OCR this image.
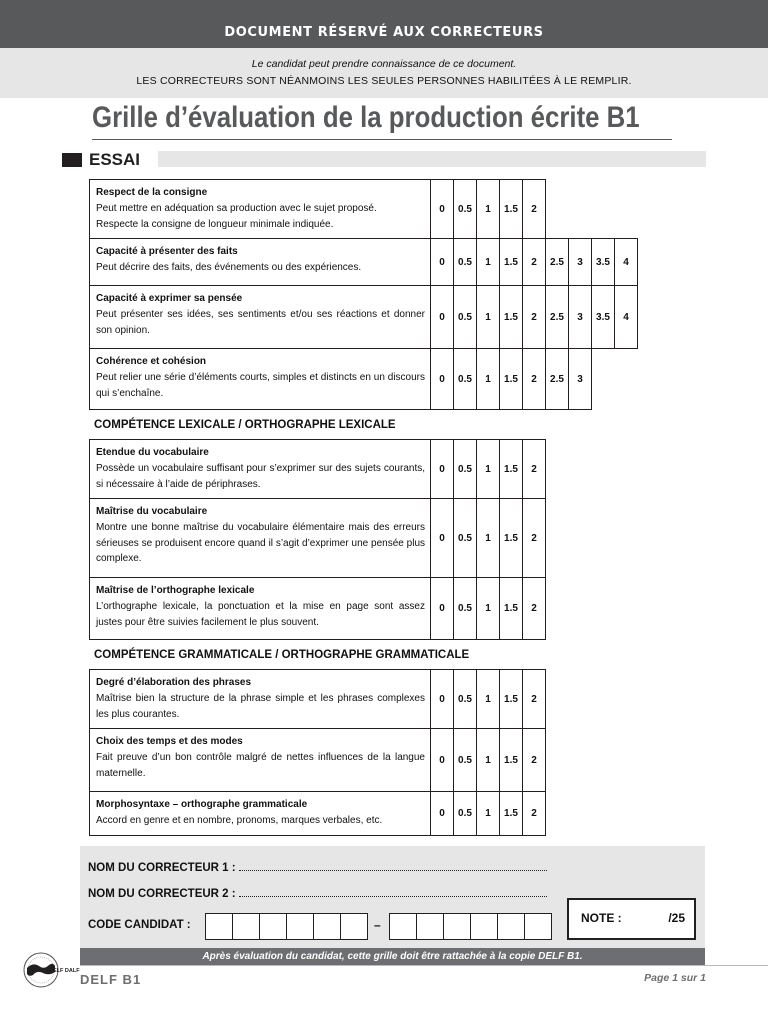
DOCUMENT RÉSERVÉ AUX CORRECTEURS
Le candidat peut prendre connaissance de ce document.
LES CORRECTEURS SONT NÉANMOINS LES SEULES PERSONNES HABILITÉES À LE REMPLIR.
Grille d’évaluation de la production écrite B1
ESSAI
Respect de la consigne
Peut mettre en adéquation sa production avec le sujet proposé.
Respecte la consigne de longueur minimale indiquée.
0	0.5	1	1.5	2
Capacité à présenter des faits
Peut décrire des faits, des événements ou des expériences.	0	0.5	1	1.5	2	2.5	3	3.5	4
Capacité à exprimer sa pensée
Peut présenter ses idées, ses sentiments et/ou ses réactions et donner son opinion.
0	0.5	1	1.5	2	2.5	3	3.5	4
Cohérence et cohésion
Peut relier une série d’éléments courts, simples et distincts en un discours qui s’enchaîne.
0	0.5	1	1.5	2	2.5	3
COMPÉTENCE LEXICALE / ORTHOGRAPHE LEXICALE
Etendue du vocabulaire
Possède un vocabulaire suffisant pour s’exprimer sur des sujets courants, si nécessaire à l’aide de périphrases.
0	0.5	1	1.5	2
Maîtrise du vocabulaire
Montre une bonne maîtrise du vocabulaire élémentaire mais des erreurs sérieuses se produisent encore quand il s’agit d’exprimer une pensée plus complexe.
0	0.5	1	1.5	2
Maîtrise de l’orthographe lexicale
L’orthographe lexicale, la ponctuation et la mise en page sont assez justes pour être suivies facilement le plus souvent.
0	0.5	1	1.5	2
COMPÉTENCE GRAMMATICALE / ORTHOGRAPHE GRAMMATICALE
Degré d’élaboration des phrases
Maîtrise bien la structure de la phrase simple et les phrases complexes les plus courantes.
0	0.5	1	1.5	2
Choix des temps et des modes
Fait preuve d’un bon contrôle malgré de nettes influences de la langue maternelle.
0	0.5	1	1.5	2
Morphosyntaxe – orthographe grammaticale
Accord en genre et en nombre, pronoms, marques verbales, etc.
0	0.5	1	1.5	2
NOM DU CORRECTEUR 1 :
NOM DU CORRECTEUR 2 :
CODE CANDIDAT :	–	NOTE :	/25
Après évaluation du candidat, cette grille doit être rattachée à la copie DELF B1.
DELF DALF
DELF B1	Page 1 sur 1
